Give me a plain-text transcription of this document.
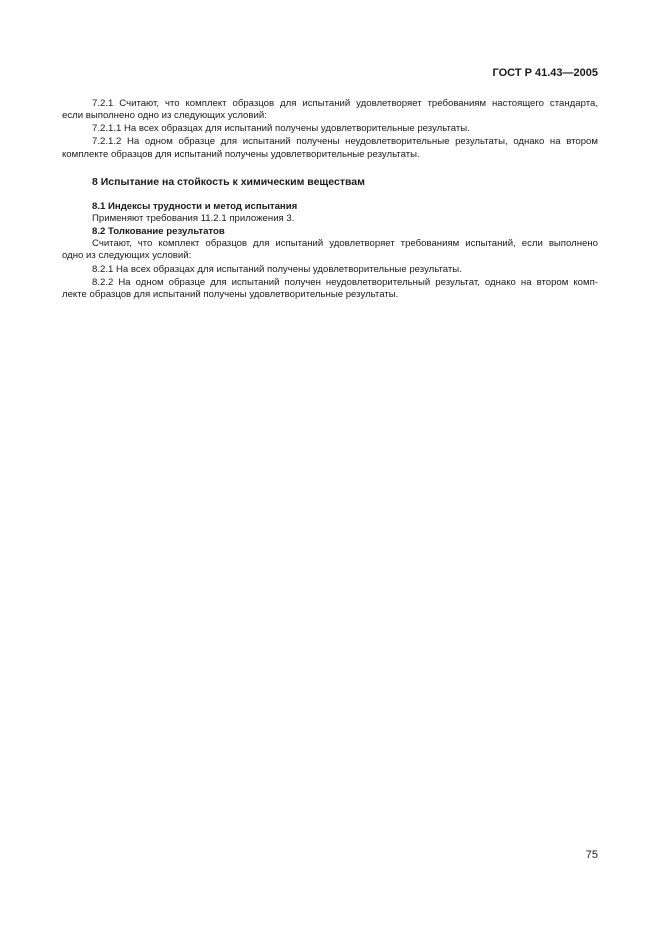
ГОСТ Р 41.43—2005
7.2.1 Считают, что комплект образцов для испытаний удовлетворяет требованиям настоящего стандарта,
если выполнено одно из следующих условий:
7.2.1.1 На всех образцах для испытаний получены удовлетворительные результаты.
7.2.1.2 На одном образце для испытаний получены неудовлетворительные результаты, однако на втором
комплекте образцов для испытаний получены удовлетворительные результаты.
8 Испытание на стойкость к химическим веществам
8.1 Индексы трудности и метод испытания
Применяют требования 11.2.1 приложения 3.
8.2 Толкование результатов
Считают, что комплект образцов для испытаний удовлетворяет требованиям испытаний, если выполнено
одно из следующих условий:
8.2.1 На всех образцах для испытаний получены удовлетворительные результаты.
8.2.2 На одном образце для испытаний получен неудовлетворительный результат, однако на втором комп-
лекте образцов для испытаний получены удовлетворительные результаты.
75
